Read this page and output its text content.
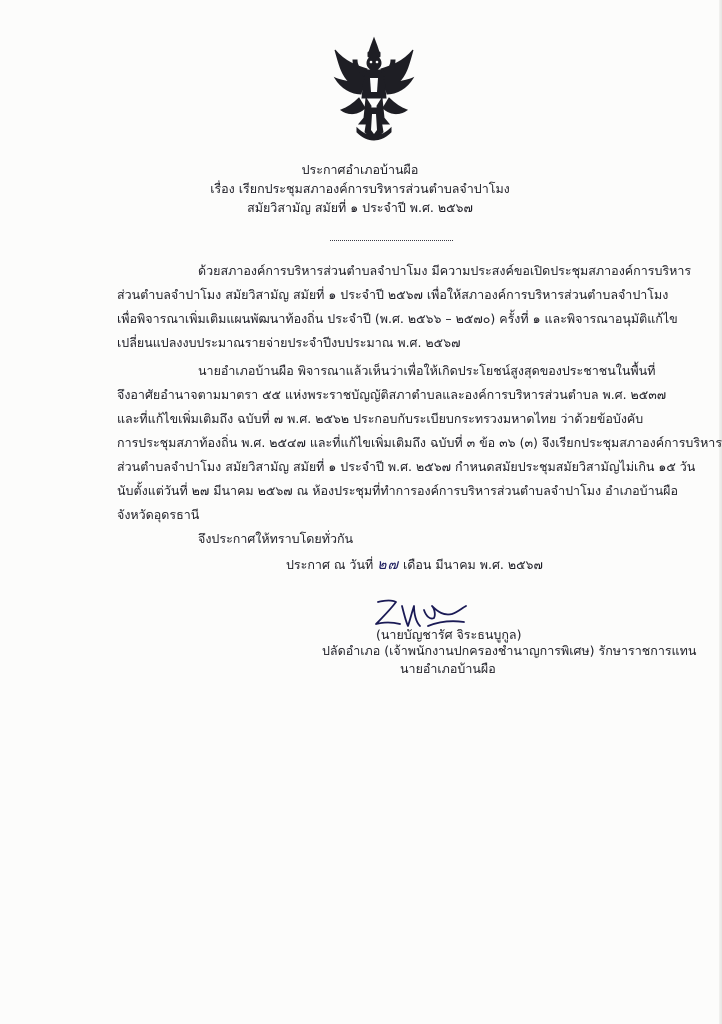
ประกาศอำเภอบ้านผือ
เรื่อง เรียกประชุมสภาองค์การบริหารส่วนตำบลจำปาโมง
สมัยวิสามัญ สมัยที่ ๑ ประจำปี พ.ศ. ๒๕๖๗
ด้วยสภาองค์การบริหารส่วนตำบลจำปาโมง มีความประสงค์ขอเปิดประชุมสภาองค์การบริหาร
ส่วนตำบลจำปาโมง สมัยวิสามัญ สมัยที่ ๑ ประจำปี ๒๕๖๗ เพื่อให้สภาองค์การบริหารส่วนตำบลจำปาโมง
เพื่อพิจารณาเพิ่มเติมแผนพัฒนาท้องถิ่น ประจำปี (พ.ศ. ๒๕๖๖ – ๒๕๗๐) ครั้งที่ ๑ และพิจารณาอนุมัติแก้ไข
เปลี่ยนแปลงงบประมาณรายจ่ายประจำปีงบประมาณ พ.ศ. ๒๕๖๗
นายอำเภอบ้านผือ พิจารณาแล้วเห็นว่าเพื่อให้เกิดประโยชน์สูงสุดของประชาชนในพื้นที่
จึงอาศัยอำนาจตามมาตรา ๕๕ แห่งพระราชบัญญัติสภาตำบลและองค์การบริหารส่วนตำบล พ.ศ. ๒๕๓๗
และที่แก้ไขเพิ่มเติมถึง ฉบับที่ ๗ พ.ศ. ๒๕๖๒ ประกอบกับระเบียบกระทรวงมหาดไทย ว่าด้วยข้อบังคับ
การประชุมสภาท้องถิ่น พ.ศ. ๒๕๔๗ และที่แก้ไขเพิ่มเติมถึง ฉบับที่ ๓ ข้อ ๓๖ (๓) จึงเรียกประชุมสภาองค์การบริหาร
ส่วนตำบลจำปาโมง สมัยวิสามัญ สมัยที่ ๑ ประจำปี พ.ศ. ๒๕๖๗ กำหนดสมัยประชุมสมัยวิสามัญไม่เกิน ๑๕ วัน
นับตั้งแต่วันที่ ๒๗ มีนาคม ๒๕๖๗ ณ ห้องประชุมที่ทำการองค์การบริหารส่วนตำบลจำปาโมง อำเภอบ้านผือ
จังหวัดอุดรธานี
จึงประกาศให้ทราบโดยทั่วกัน
ประกาศ ณ วันที่ ๒๗ เดือน มีนาคม พ.ศ. ๒๕๖๗
(นายบัญชารัศ จิระธนบูกูล)
ปลัดอำเภอ (เจ้าพนักงานปกครองชำนาญการพิเศษ) รักษาราชการแทน
นายอำเภอบ้านผือ
